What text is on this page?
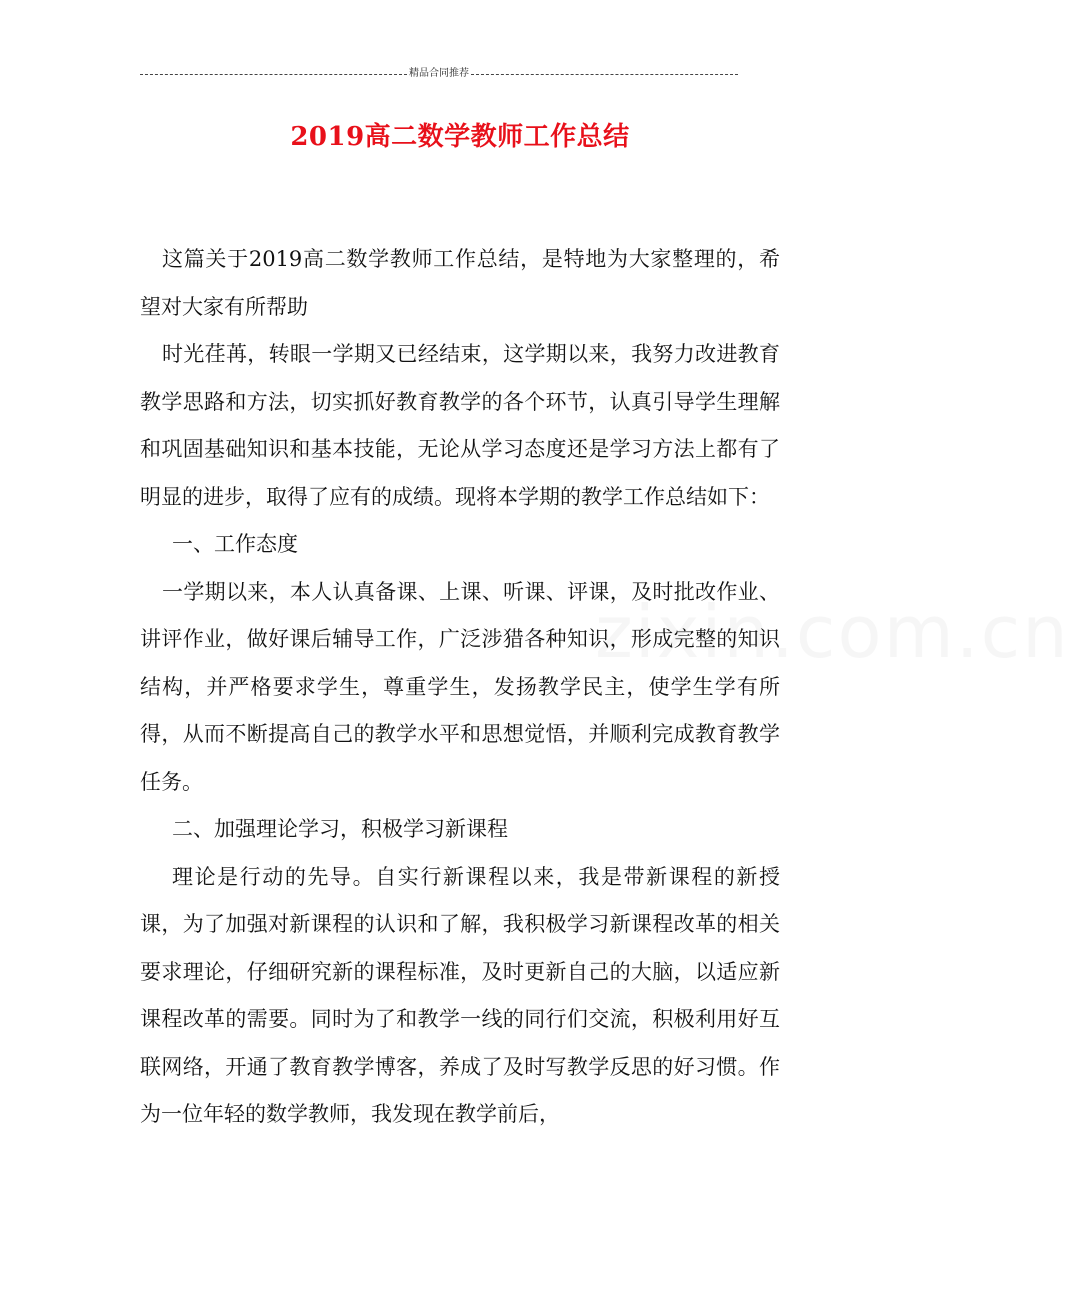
精品合同推荐
2019高二数学教师工作总结
zixin.com.cn

这篇关于2019高二数学教师工作总结，是特地为大家整理的，希望对大家有所帮助

时光荏苒，转眼一学期又已经结束，这学期以来，我努力改进教育教学思路和方法，切实抓好教育教学的各个环节，认真引导学生理解和巩固基础知识和基本技能，无论从学习态度还是学习方法上都有了明显的进步，取得了应有的成绩。现将本学期的教学工作总结如下：

一、工作态度

一学期以来，本人认真备课、上课、听课、评课，及时批改作业、讲评作业，做好课后辅导工作，广泛涉猎各种知识，形成完整的知识结构，并严格要求学生，尊重学生，发扬教学民主，使学生学有所得，从而不断提高自己的教学水平和思想觉悟，并顺利完成教育教学任务。

二、加强理论学习，积极学习新课程

理论是行动的先导。自实行新课程以来，我是带新课程的新授课，为了加强对新课程的认识和了解，我积极学习新课程改革的相关要求理论，仔细研究新的课程标准，及时更新自己的大脑，以适应新课程改革的需要。同时为了和教学一线的同行们交流，积极利用好互联网络，开通了教育教学博客，养成了及时写教学反思的好习惯。作为一位年轻的数学教师，我发现在教学前后，
